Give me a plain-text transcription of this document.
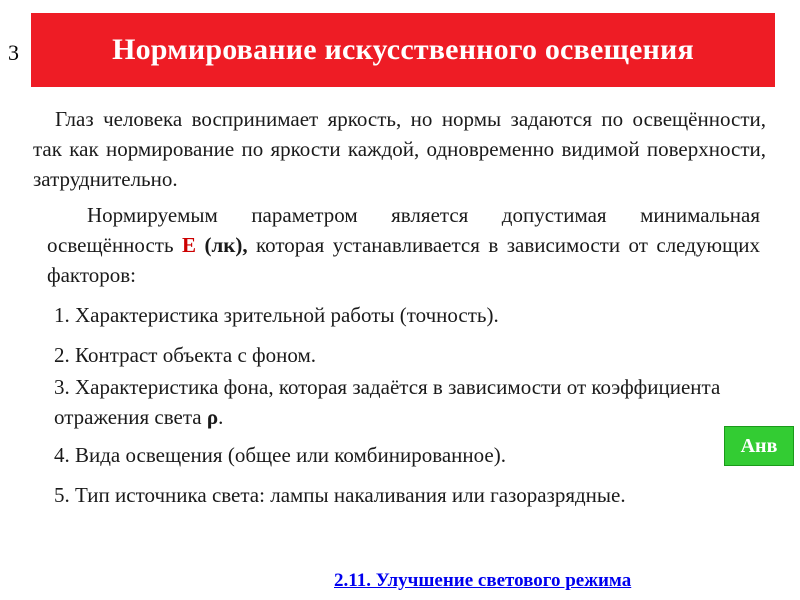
3	Нормирование искусственного освещения
Глаз человека воспринимает яркость, но нормы задаются по освещённости, так как нормирование по яркости каждой, одновременно видимой поверхности, затруднительно.
Нормируемым параметром является допустимая минимальная освещённость Е (лк), которая устанавливается в зависимости от следующих факторов:
1. Характеристика зрительной работы (точность).
2. Контраст объекта с фоном.
3. Характеристика фона, которая задаётся в зависимости от коэффициента отражения света ρ.
4. Вида освещения (общее или комбинированное).
5. Тип источника света: лампы накаливания или газоразрядные.
Анв
2.11. Улучшение светового режима
